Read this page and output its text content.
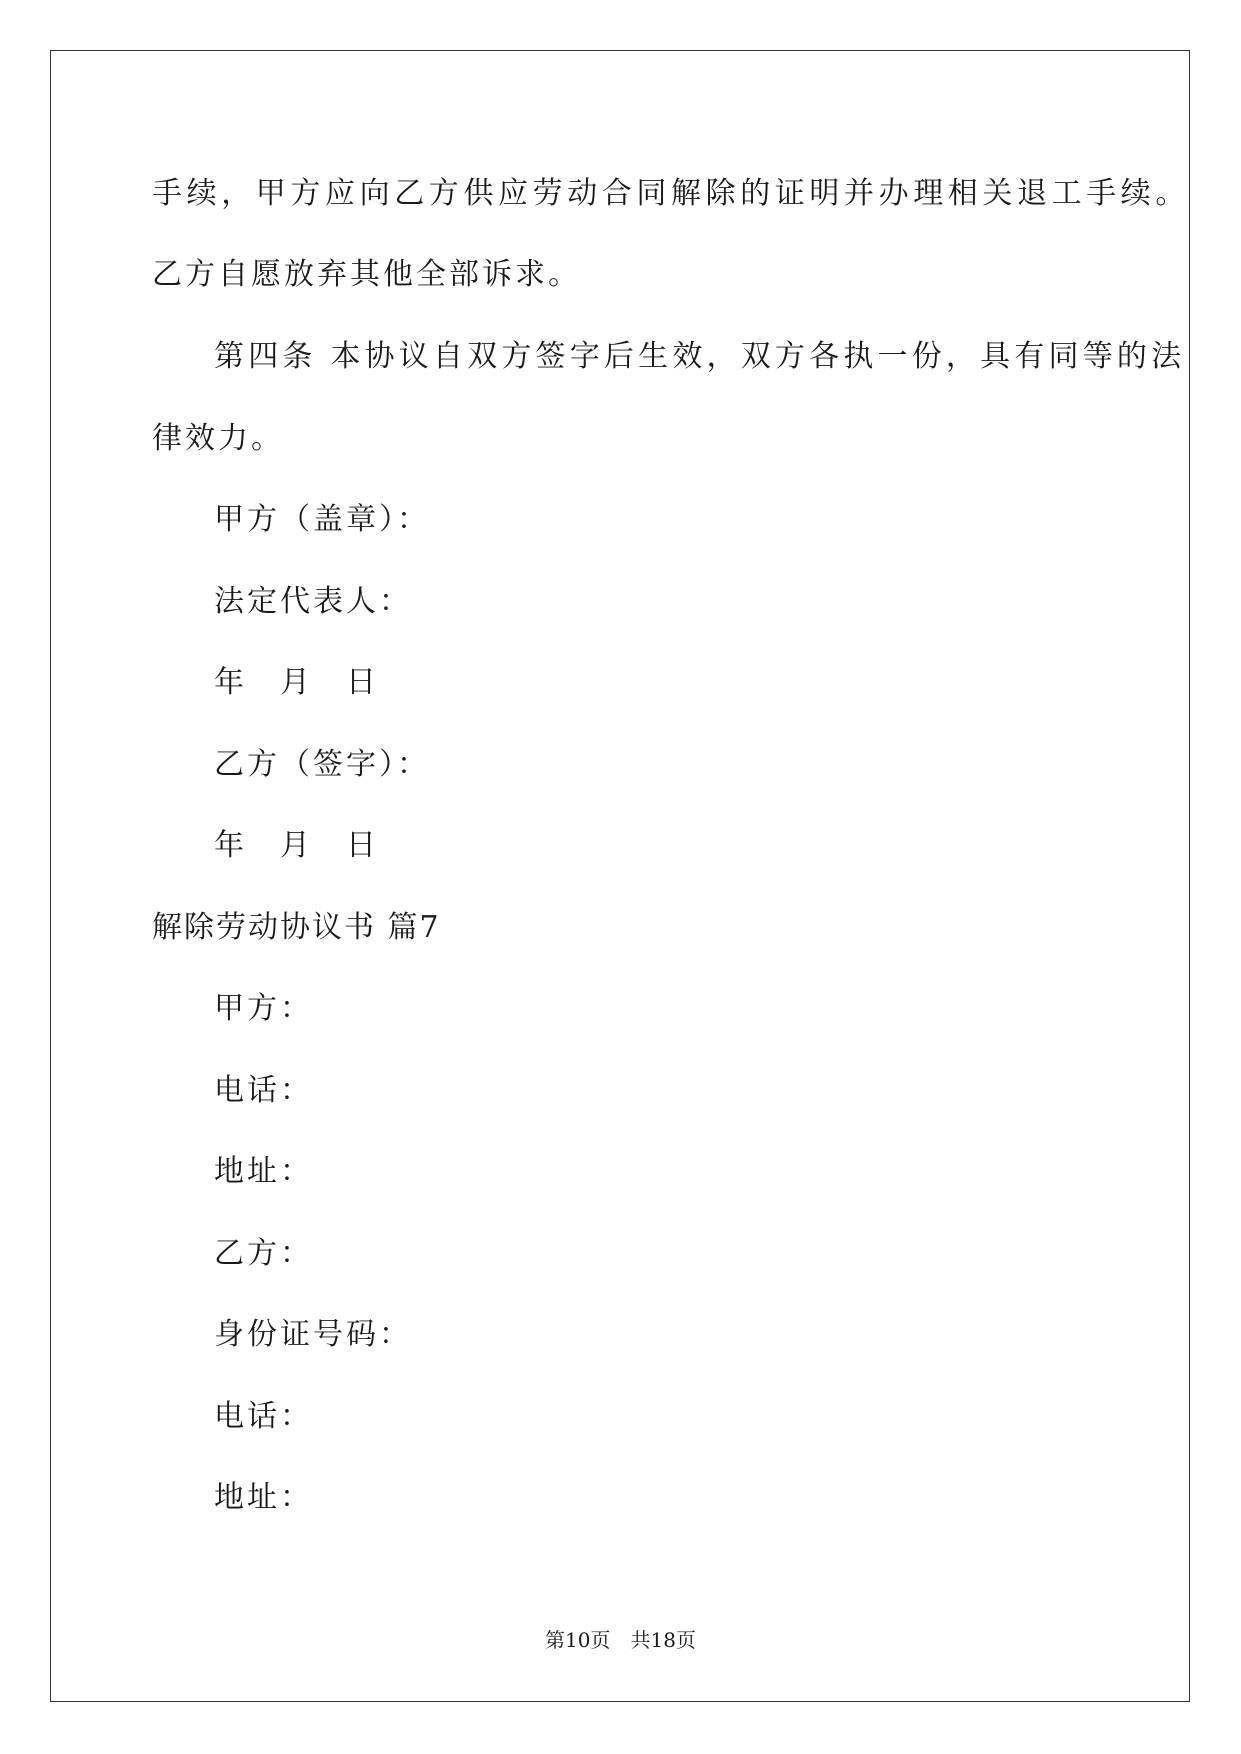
手续，甲方应向乙方供应劳动合同解除的证明并办理相关退工手续。
乙方自愿放弃其他全部诉求。
第四条 本协议自双方签字后生效，双方各执一份，具有同等的法
律效力。
甲方（盖章）：
法定代表人：
年　月　日
乙方（签字）：
年　月　日
解除劳动协议书 篇7
甲方：
电话：
地址：
乙方：
身份证号码：
电话：
地址：
第10页　共18页
